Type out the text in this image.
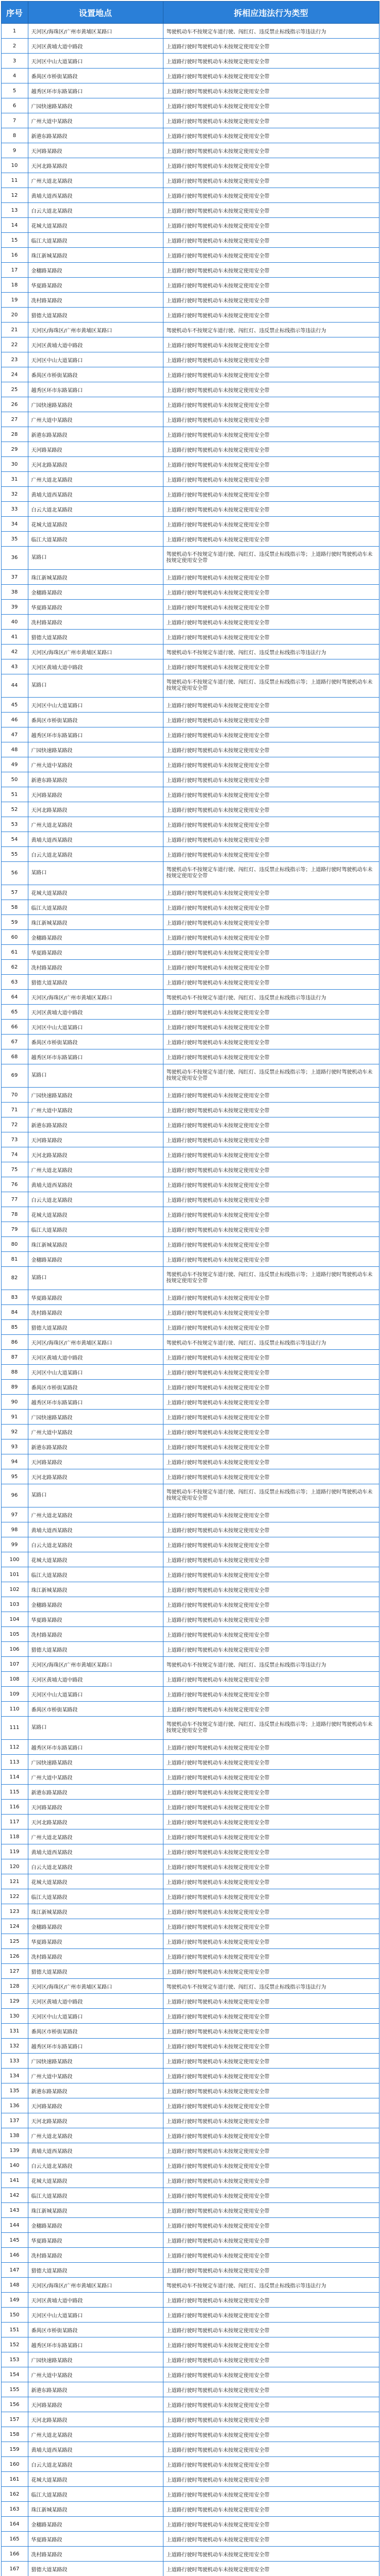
序号	设置地点	拆相应违法行为类型
1	天河区/海珠区/广州市黄埔区某路口	驾驶机动车不按规定车道行驶、闯红灯、违反禁止标线指示等违法行为
2	天河区黄埔大道中路段	上道路行驶时驾驶机动车未按规定使用安全带
3	天河区中山大道某路口	上道路行驶时驾驶机动车未按规定使用安全带
4	番禺区市桥街某路段	上道路行驶时驾驶机动车未按规定使用安全带
5	越秀区环市东路某路口	上道路行驶时驾驶机动车未按规定使用安全带
6	广园快速路某路段	上道路行驶时驾驶机动车未按规定使用安全带
7	广州大道中某路段	上道路行驶时驾驶机动车未按规定使用安全带
8	新港东路某路段	上道路行驶时驾驶机动车未按规定使用安全带
9	天河路某路段	上道路行驶时驾驶机动车未按规定使用安全带
10	天河北路某路段	上道路行驶时驾驶机动车未按规定使用安全带
11	广州大道北某路段	上道路行驶时驾驶机动车未按规定使用安全带
12	黄埔大道西某路段	上道路行驶时驾驶机动车未按规定使用安全带
13	白云大道北某路段	上道路行驶时驾驶机动车未按规定使用安全带
14	花城大道某路段	上道路行驶时驾驶机动车未按规定使用安全带
15	临江大道某路段	上道路行驶时驾驶机动车未按规定使用安全带
16	珠江新城某路段	上道路行驶时驾驶机动车未按规定使用安全带
17	金穗路某路段	上道路行驶时驾驶机动车未按规定使用安全带
18	华夏路某路段	上道路行驶时驾驶机动车未按规定使用安全带
19	冼村路某路段	上道路行驶时驾驶机动车未按规定使用安全带
20	猎德大道某路段	上道路行驶时驾驶机动车未按规定使用安全带
21	天河区/海珠区/广州市黄埔区某路口	驾驶机动车不按规定车道行驶、闯红灯、违反禁止标线指示等违法行为
22	天河区黄埔大道中路段	上道路行驶时驾驶机动车未按规定使用安全带
23	天河区中山大道某路口	上道路行驶时驾驶机动车未按规定使用安全带
24	番禺区市桥街某路段	上道路行驶时驾驶机动车未按规定使用安全带
25	越秀区环市东路某路口	上道路行驶时驾驶机动车未按规定使用安全带
26	广园快速路某路段	上道路行驶时驾驶机动车未按规定使用安全带
27	广州大道中某路段	上道路行驶时驾驶机动车未按规定使用安全带
28	新港东路某路段	上道路行驶时驾驶机动车未按规定使用安全带
29	天河路某路段	上道路行驶时驾驶机动车未按规定使用安全带
30	天河北路某路段	上道路行驶时驾驶机动车未按规定使用安全带
31	广州大道北某路段	上道路行驶时驾驶机动车未按规定使用安全带
32	黄埔大道西某路段	上道路行驶时驾驶机动车未按规定使用安全带
33	白云大道北某路段	上道路行驶时驾驶机动车未按规定使用安全带
34	花城大道某路段	上道路行驶时驾驶机动车未按规定使用安全带
35	临江大道某路段	上道路行驶时驾驶机动车未按规定使用安全带
36	某路口	驾驶机动车不按规定车道行驶、闯红灯、违反禁止标线指示等；上道路行驶时驾驶机动车未按规定使用安全带
37	珠江新城某路段	上道路行驶时驾驶机动车未按规定使用安全带
38	金穗路某路段	上道路行驶时驾驶机动车未按规定使用安全带
39	华夏路某路段	上道路行驶时驾驶机动车未按规定使用安全带
40	冼村路某路段	上道路行驶时驾驶机动车未按规定使用安全带
41	猎德大道某路段	上道路行驶时驾驶机动车未按规定使用安全带
42	天河区/海珠区/广州市黄埔区某路口	驾驶机动车不按规定车道行驶、闯红灯、违反禁止标线指示等违法行为
43	天河区黄埔大道中路段	上道路行驶时驾驶机动车未按规定使用安全带
44	某路口	驾驶机动车不按规定车道行驶、闯红灯、违反禁止标线指示等；上道路行驶时驾驶机动车未按规定使用安全带
45	天河区中山大道某路口	上道路行驶时驾驶机动车未按规定使用安全带
46	番禺区市桥街某路段	上道路行驶时驾驶机动车未按规定使用安全带
47	越秀区环市东路某路口	上道路行驶时驾驶机动车未按规定使用安全带
48	广园快速路某路段	上道路行驶时驾驶机动车未按规定使用安全带
49	广州大道中某路段	上道路行驶时驾驶机动车未按规定使用安全带
50	新港东路某路段	上道路行驶时驾驶机动车未按规定使用安全带
51	天河路某路段	上道路行驶时驾驶机动车未按规定使用安全带
52	天河北路某路段	上道路行驶时驾驶机动车未按规定使用安全带
53	广州大道北某路段	上道路行驶时驾驶机动车未按规定使用安全带
54	黄埔大道西某路段	上道路行驶时驾驶机动车未按规定使用安全带
55	白云大道北某路段	上道路行驶时驾驶机动车未按规定使用安全带
56	某路口	驾驶机动车不按规定车道行驶、闯红灯、违反禁止标线指示等；上道路行驶时驾驶机动车未按规定使用安全带
57	花城大道某路段	上道路行驶时驾驶机动车未按规定使用安全带
58	临江大道某路段	上道路行驶时驾驶机动车未按规定使用安全带
59	珠江新城某路段	上道路行驶时驾驶机动车未按规定使用安全带
60	金穗路某路段	上道路行驶时驾驶机动车未按规定使用安全带
61	华夏路某路段	上道路行驶时驾驶机动车未按规定使用安全带
62	冼村路某路段	上道路行驶时驾驶机动车未按规定使用安全带
63	猎德大道某路段	上道路行驶时驾驶机动车未按规定使用安全带
64	天河区/海珠区/广州市黄埔区某路口	驾驶机动车不按规定车道行驶、闯红灯、违反禁止标线指示等违法行为
65	天河区黄埔大道中路段	上道路行驶时驾驶机动车未按规定使用安全带
66	天河区中山大道某路口	上道路行驶时驾驶机动车未按规定使用安全带
67	番禺区市桥街某路段	上道路行驶时驾驶机动车未按规定使用安全带
68	越秀区环市东路某路口	上道路行驶时驾驶机动车未按规定使用安全带
69	某路口	驾驶机动车不按规定车道行驶、闯红灯、违反禁止标线指示等；上道路行驶时驾驶机动车未按规定使用安全带
70	广园快速路某路段	上道路行驶时驾驶机动车未按规定使用安全带
71	广州大道中某路段	上道路行驶时驾驶机动车未按规定使用安全带
72	新港东路某路段	上道路行驶时驾驶机动车未按规定使用安全带
73	天河路某路段	上道路行驶时驾驶机动车未按规定使用安全带
74	天河北路某路段	上道路行驶时驾驶机动车未按规定使用安全带
75	广州大道北某路段	上道路行驶时驾驶机动车未按规定使用安全带
76	黄埔大道西某路段	上道路行驶时驾驶机动车未按规定使用安全带
77	白云大道北某路段	上道路行驶时驾驶机动车未按规定使用安全带
78	花城大道某路段	上道路行驶时驾驶机动车未按规定使用安全带
79	临江大道某路段	上道路行驶时驾驶机动车未按规定使用安全带
80	珠江新城某路段	上道路行驶时驾驶机动车未按规定使用安全带
81	金穗路某路段	上道路行驶时驾驶机动车未按规定使用安全带
82	某路口	驾驶机动车不按规定车道行驶、闯红灯、违反禁止标线指示等；上道路行驶时驾驶机动车未按规定使用安全带
83	华夏路某路段	上道路行驶时驾驶机动车未按规定使用安全带
84	冼村路某路段	上道路行驶时驾驶机动车未按规定使用安全带
85	猎德大道某路段	上道路行驶时驾驶机动车未按规定使用安全带
86	天河区/海珠区/广州市黄埔区某路口	驾驶机动车不按规定车道行驶、闯红灯、违反禁止标线指示等违法行为
87	天河区黄埔大道中路段	上道路行驶时驾驶机动车未按规定使用安全带
88	天河区中山大道某路口	上道路行驶时驾驶机动车未按规定使用安全带
89	番禺区市桥街某路段	上道路行驶时驾驶机动车未按规定使用安全带
90	越秀区环市东路某路口	上道路行驶时驾驶机动车未按规定使用安全带
91	广园快速路某路段	上道路行驶时驾驶机动车未按规定使用安全带
92	广州大道中某路段	上道路行驶时驾驶机动车未按规定使用安全带
93	新港东路某路段	上道路行驶时驾驶机动车未按规定使用安全带
94	天河路某路段	上道路行驶时驾驶机动车未按规定使用安全带
95	天河北路某路段	上道路行驶时驾驶机动车未按规定使用安全带
96	某路口	驾驶机动车不按规定车道行驶、闯红灯、违反禁止标线指示等；上道路行驶时驾驶机动车未按规定使用安全带
97	广州大道北某路段	上道路行驶时驾驶机动车未按规定使用安全带
98	黄埔大道西某路段	上道路行驶时驾驶机动车未按规定使用安全带
99	白云大道北某路段	上道路行驶时驾驶机动车未按规定使用安全带
100	花城大道某路段	上道路行驶时驾驶机动车未按规定使用安全带
101	临江大道某路段	上道路行驶时驾驶机动车未按规定使用安全带
102	珠江新城某路段	上道路行驶时驾驶机动车未按规定使用安全带
103	金穗路某路段	上道路行驶时驾驶机动车未按规定使用安全带
104	华夏路某路段	上道路行驶时驾驶机动车未按规定使用安全带
105	冼村路某路段	上道路行驶时驾驶机动车未按规定使用安全带
106	猎德大道某路段	上道路行驶时驾驶机动车未按规定使用安全带
107	天河区/海珠区/广州市黄埔区某路口	驾驶机动车不按规定车道行驶、闯红灯、违反禁止标线指示等违法行为
108	天河区黄埔大道中路段	上道路行驶时驾驶机动车未按规定使用安全带
109	天河区中山大道某路口	上道路行驶时驾驶机动车未按规定使用安全带
110	番禺区市桥街某路段	上道路行驶时驾驶机动车未按规定使用安全带
111	某路口	驾驶机动车不按规定车道行驶、闯红灯、违反禁止标线指示等；上道路行驶时驾驶机动车未按规定使用安全带
112	越秀区环市东路某路口	上道路行驶时驾驶机动车未按规定使用安全带
113	广园快速路某路段	上道路行驶时驾驶机动车未按规定使用安全带
114	广州大道中某路段	上道路行驶时驾驶机动车未按规定使用安全带
115	新港东路某路段	上道路行驶时驾驶机动车未按规定使用安全带
116	天河路某路段	上道路行驶时驾驶机动车未按规定使用安全带
117	天河北路某路段	上道路行驶时驾驶机动车未按规定使用安全带
118	广州大道北某路段	上道路行驶时驾驶机动车未按规定使用安全带
119	黄埔大道西某路段	上道路行驶时驾驶机动车未按规定使用安全带
120	白云大道北某路段	上道路行驶时驾驶机动车未按规定使用安全带
121	花城大道某路段	上道路行驶时驾驶机动车未按规定使用安全带
122	临江大道某路段	上道路行驶时驾驶机动车未按规定使用安全带
123	珠江新城某路段	上道路行驶时驾驶机动车未按规定使用安全带
124	金穗路某路段	上道路行驶时驾驶机动车未按规定使用安全带
125	华夏路某路段	上道路行驶时驾驶机动车未按规定使用安全带
126	冼村路某路段	上道路行驶时驾驶机动车未按规定使用安全带
127	猎德大道某路段	上道路行驶时驾驶机动车未按规定使用安全带
128	天河区/海珠区/广州市黄埔区某路口	驾驶机动车不按规定车道行驶、闯红灯、违反禁止标线指示等违法行为
129	天河区黄埔大道中路段	上道路行驶时驾驶机动车未按规定使用安全带
130	天河区中山大道某路口	上道路行驶时驾驶机动车未按规定使用安全带
131	番禺区市桥街某路段	上道路行驶时驾驶机动车未按规定使用安全带
132	越秀区环市东路某路口	上道路行驶时驾驶机动车未按规定使用安全带
133	广园快速路某路段	上道路行驶时驾驶机动车未按规定使用安全带
134	广州大道中某路段	上道路行驶时驾驶机动车未按规定使用安全带
135	新港东路某路段	上道路行驶时驾驶机动车未按规定使用安全带
136	天河路某路段	上道路行驶时驾驶机动车未按规定使用安全带
137	天河北路某路段	上道路行驶时驾驶机动车未按规定使用安全带
138	广州大道北某路段	上道路行驶时驾驶机动车未按规定使用安全带
139	黄埔大道西某路段	上道路行驶时驾驶机动车未按规定使用安全带
140	白云大道北某路段	上道路行驶时驾驶机动车未按规定使用安全带
141	花城大道某路段	上道路行驶时驾驶机动车未按规定使用安全带
142	临江大道某路段	上道路行驶时驾驶机动车未按规定使用安全带
143	珠江新城某路段	上道路行驶时驾驶机动车未按规定使用安全带
144	金穗路某路段	上道路行驶时驾驶机动车未按规定使用安全带
145	华夏路某路段	上道路行驶时驾驶机动车未按规定使用安全带
146	冼村路某路段	上道路行驶时驾驶机动车未按规定使用安全带
147	猎德大道某路段	上道路行驶时驾驶机动车未按规定使用安全带
148	天河区/海珠区/广州市黄埔区某路口	驾驶机动车不按规定车道行驶、闯红灯、违反禁止标线指示等违法行为
149	天河区黄埔大道中路段	上道路行驶时驾驶机动车未按规定使用安全带
150	天河区中山大道某路口	上道路行驶时驾驶机动车未按规定使用安全带
151	番禺区市桥街某路段	上道路行驶时驾驶机动车未按规定使用安全带
152	越秀区环市东路某路口	上道路行驶时驾驶机动车未按规定使用安全带
153	广园快速路某路段	上道路行驶时驾驶机动车未按规定使用安全带
154	广州大道中某路段	上道路行驶时驾驶机动车未按规定使用安全带
155	新港东路某路段	上道路行驶时驾驶机动车未按规定使用安全带
156	天河路某路段	上道路行驶时驾驶机动车未按规定使用安全带
157	天河北路某路段	上道路行驶时驾驶机动车未按规定使用安全带
158	广州大道北某路段	上道路行驶时驾驶机动车未按规定使用安全带
159	黄埔大道西某路段	上道路行驶时驾驶机动车未按规定使用安全带
160	白云大道北某路段	上道路行驶时驾驶机动车未按规定使用安全带
161	花城大道某路段	上道路行驶时驾驶机动车未按规定使用安全带
162	临江大道某路段	上道路行驶时驾驶机动车未按规定使用安全带
163	珠江新城某路段	上道路行驶时驾驶机动车未按规定使用安全带
164	金穗路某路段	上道路行驶时驾驶机动车未按规定使用安全带
165	华夏路某路段	上道路行驶时驾驶机动车未按规定使用安全带
166	冼村路某路段	上道路行驶时驾驶机动车未按规定使用安全带
167	猎德大道某路段	上道路行驶时驾驶机动车未按规定使用安全带
